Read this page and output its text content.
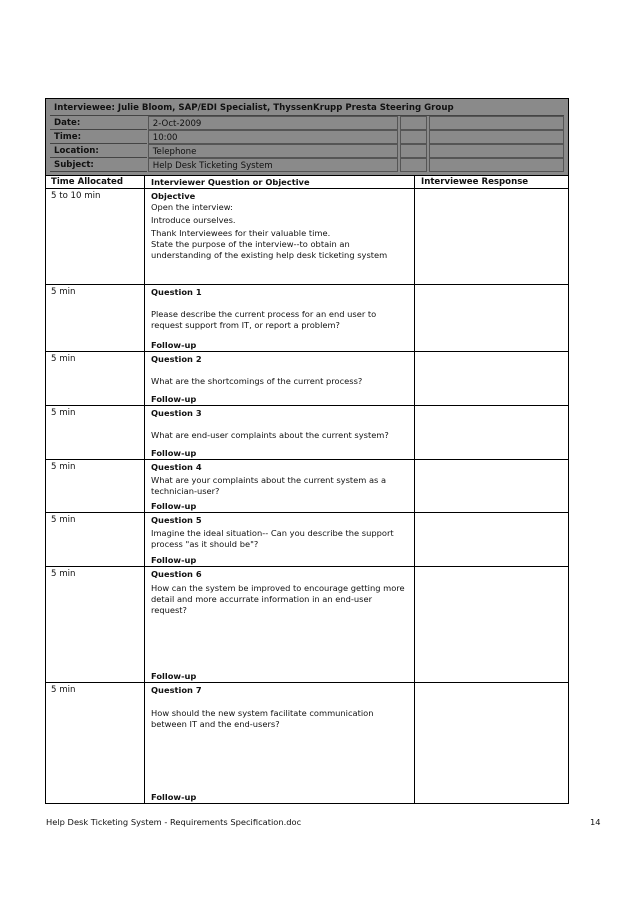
Interviewee: Julie Bloom, SAP/EDI Specialist, ThyssenKrupp Presta Steering Group
Date:	2-Oct-2009
Time:	10:00
Location:	Telephone
Subject:	Help Desk Ticketing System
Time Allocated	Interviewer Question or Objective	Interviewee Response
5 to 10 min	Objective
Open the interview:
Introduce ourselves.
Thank Interviewees for their valuable time.
State the purpose of the interview--to obtain an
understanding of the existing help desk ticketing system
5 min	Question 1
Please describe the current process for an end user to
request support from IT, or report a problem?
Follow-up
5 min	Question 2
What are the shortcomings of the current process?
Follow-up
5 min	Question 3
What are end-user complaints about the current system?
Follow-up
5 min	Question 4
What are your complaints about the current system as a
technician-user?
Follow-up
5 min	Question 5
Imagine the ideal situation-- Can you describe the support
process "as it should be"?
Follow-up
5 min	Question 6
How can the system be improved to encourage getting more
detail and more accurrate information in an end-user
request?
Follow-up
5 min	Question 7
How should the new system facilitate communication
between IT and the end-users?
Follow-up
Help Desk Ticketing System - Requirements Specification.doc	14
